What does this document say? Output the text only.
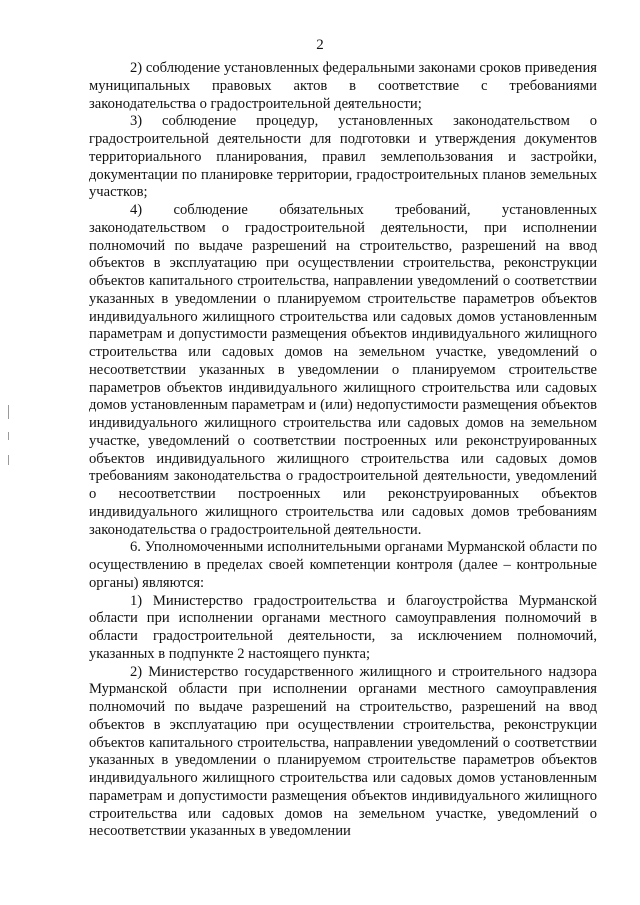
2

2) соблюдение установленных федеральными законами сроков приведения муниципальных правовых актов в соответствие с требованиями законодательства о градостроительной деятельности;

3) соблюдение процедур, установленных законодательством о градостроительной деятельности для подготовки и утверждения документов территориального планирования, правил землепользования и застройки, документации по планировке территории, градостроительных планов земельных участков;

4) соблюдение обязательных требований, установленных законодательством о градостроительной деятельности, при исполнении полномочий по выдаче разрешений на строительство, разрешений на ввод объектов в эксплуатацию при осуществлении строительства, реконструкции объектов капитального строительства, направлении уведомлений о соответствии указанных в уведомлении о планируемом строительстве параметров объектов индивидуального жилищного строительства или садовых домов установленным параметрам и допустимости размещения объектов индивидуального жилищного строительства или садовых домов на земельном участке, уведомлений о несоответствии указанных в уведомлении о планируемом строительстве параметров объектов индивидуального жилищного строительства или садовых домов установленным параметрам и (или) недопустимости размещения объектов индивидуального жилищного строительства или садовых домов на земельном участке, уведомлений о соответствии построенных или реконструированных объектов индивидуального жилищного строительства или садовых домов требованиям законодательства о градостроительной деятельности, уведомлений о несоответствии построенных или реконструированных объектов индивидуального жилищного строительства или садовых домов требованиям законодательства о градостроительной деятельности.

6. Уполномоченными исполнительными органами Мурманской области по осуществлению в пределах своей компетенции контроля (далее – контрольные органы) являются:

1) Министерство градостроительства и благоустройства Мурманской области при исполнении органами местного самоуправления полномочий в области градостроительной деятельности, за исключением полномочий, указанных в подпункте 2 настоящего пункта;

2) Министерство государственного жилищного и строительного надзора Мурманской области при исполнении органами местного самоуправления полномочий по выдаче разрешений на строительство, разрешений на ввод объектов в эксплуатацию при осуществлении строительства, реконструкции объектов капитального строительства, направлении уведомлений о соответствии указанных в уведомлении о планируемом строительстве параметров объектов индивидуального жилищного строительства или садовых домов установленным параметрам и допустимости размещения объектов индивидуального жилищного строительства или садовых домов на земельном участке, уведомлений о несоответствии указанных в уведомлении
